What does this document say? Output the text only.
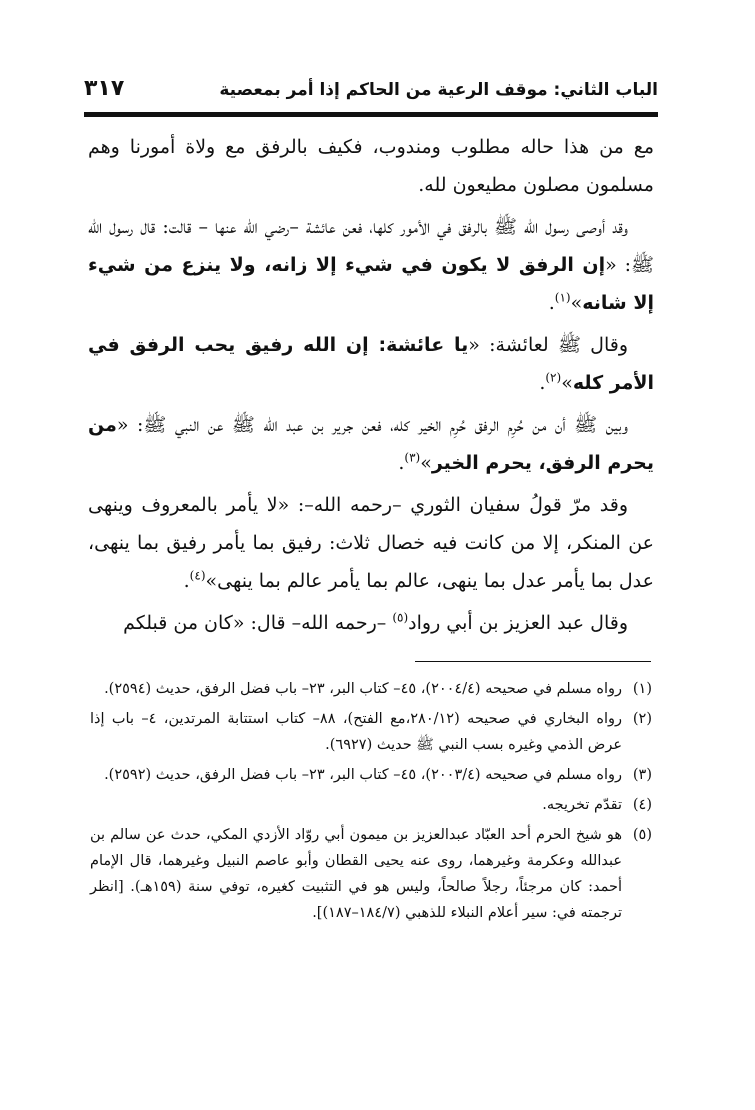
الباب الثاني: موقف الرعية من الحاكم إذا أمر بمعصية
٣١٧

مع من هذا حاله مطلوب ومندوب، فكيف بالرفق مع ولاة أمورنا وهم مسلمون مصلون مطيعون لله.

وقد أوصى رسول الله ﷺ بالرفق في الأمور كلها، فعن عائشة –رضي الله عنها – قالت: قال رسول الله ﷺ: «إن الرفق لا يكون في شيء إلا زانه، ولا ينزع من شيء إلا شانه»$^{(١)}$.

وقال ﷺ لعائشة: «يا عائشة: إن الله رفيق يحب الرفق في الأمر كله»$^{(٢)}$.

وبين ﷺ أن من حُرِم الرفق حُرِم الخير كله، فعن جرير بن عبد الله ﷺ عن النبي ﷺ: «من يحرم الرفق، يحرم الخير»$^{(٣)}$.

وقد مرّ قولُ سفيان الثوري –رحمه الله–: «لا يأمر بالمعروف وينهى عن المنكر، إلا من كانت فيه خصال ثلاث: رفيق بما يأمر رفيق بما ينهى، عدل بما يأمر عدل بما ينهى، عالم بما يأمر عالم بما ينهى»$^{(٤)}$.

وقال عبد العزيز بن أبي رواد$^{(٥)}$ –رحمه الله– قال: «كان من قبلكم

(١)
رواه مسلم في صحيحه (٢٠٠٤/٤)، ٤٥– كتاب البر، ٢٣– باب فضل الرفق، حديث (٢٥٩٤).
(٢)
رواه البخاري في صحيحه (٢٨٠/١٢،مع الفتح)، ٨٨– كتاب استتابة المرتدين، ٤– باب إذا عرض الذمي وغيره بسب النبي ﷺ حديث (٦٩٢٧).
(٣)
رواه مسلم في صحيحه (٢٠٠٣/٤)، ٤٥– كتاب البر، ٢٣– باب فضل الرفق، حديث (٢٥٩٢).
(٤)
تقدّم تخريجه.
(٥)
هو شيخ الحرم أحد العبّاد عبدالعزيز بن ميمون أبي روّاد الأزدي المكي، حدث عن سالم بن عبدالله وعكرمة وغيرهما، روى عنه يحيى القطان وأبو عاصم النبيل وغيرهما، قال الإمام أحمد: كان مرجئاً، رجلاً صالحاً، وليس هو في التثبيت كغيره، توفي سنة (١٥٩هـ). [انظر ترجمته في: سير أعلام النبلاء للذهبي (١٨٤/٧–١٨٧)].
